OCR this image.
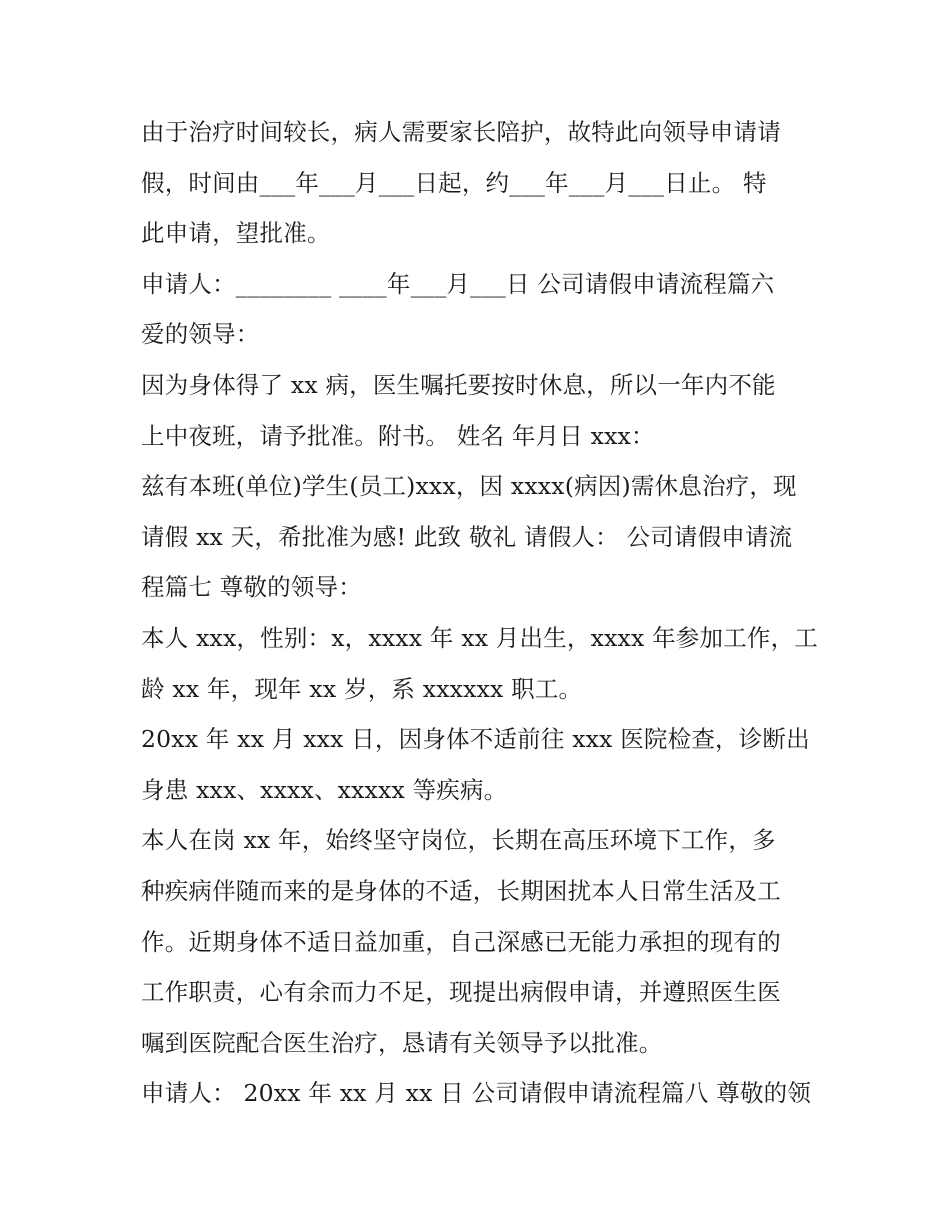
由于治疗时间较长，病人需要家长陪护，故特此向领导申请请
假，时间由___年___月___日起，约___年___月___日止。 特
此申请，望批准。
申请人：________ ____年___月___日 公司请假申请流程篇六
爱的领导：
因为身体得了 xx 病，医生嘱托要按时休息，所以一年内不能
上中夜班，请予批准。附书。 姓名 年月日 xxx：
兹有本班(单位)学生(员工)xxx，因 xxxx(病因)需休息治疗，现
请假 xx 天，希批准为感! 此致 敬礼 请假人： 公司请假申请流
程篇七 尊敬的领导：
本人 xxx，性别：x，xxxx 年 xx 月出生，xxxx 年参加工作，工
龄 xx 年，现年 xx 岁，系 xxxxxx 职工。
20xx 年 xx 月 xxx 日，因身体不适前往 xxx 医院检查，诊断出
身患 xxx、xxxx、xxxxx 等疾病。
本人在岗 xx 年，始终坚守岗位，长期在高压环境下工作，多
种疾病伴随而来的是身体的不适，长期困扰本人日常生活及工
作。近期身体不适日益加重，自己深感已无能力承担的现有的
工作职责，心有余而力不足，现提出病假申请，并遵照医生医
嘱到医院配合医生治疗，恳请有关领导予以批准。
申请人： 20xx 年 xx 月 xx 日 公司请假申请流程篇八 尊敬的领
